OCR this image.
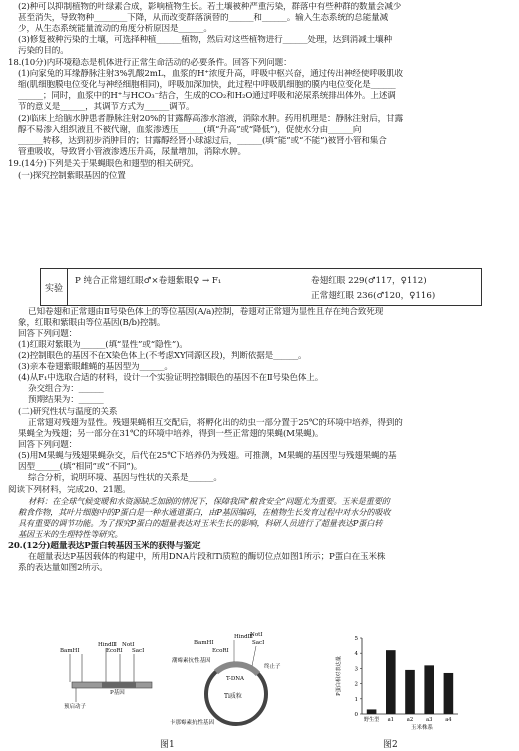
(2)种可以抑制植物的叶绿素合成，影响植物生长。若土壤被种严重污染，群落中有些种群的数量会减少
甚至消失，导致物种________下降，从而改变群落演替的______和______。输入生态系统的总能量减
少，从生态系统能量流动的角度分析原因是______。
(3)修复被种污染的土壤，可选择种植______植物，然后对这些植物进行______处理，达到消减土壤种
污染的目的。
18.(10分)内环境稳态是机体进行正常生命活动的必要条件。回答下列问题：
(1)向家兔的耳缘静脉注射3%乳酸2mL，血浆的H⁺浓度升高，呼吸中枢兴奋，通过传出神经使呼吸肌收
缩(肌细胞膜电位变化与神经细胞相同)，呼吸加深加快，此过程中呼吸肌细胞的膜内电位变化是______
______；同时，血浆中的H⁺与HCO₃⁻结合，生成的CO₂和H₂O通过呼吸和泌尿系统排出体外。上述调
节的意义是______，其调节方式为______调节。
(2)临床上给脑水肿患者静脉注射20%的甘露醇高渗水溶液，消除水肿。药用机理是：静脉注射后，甘露
醇不易渗入组织液且不被代谢，血浆渗透压______(填“升高”或“降低”)，促使水分由______向
______转移，达到初步消肿目的；甘露醇经肾小球滤过后，______(填“能”或“不能”)被肾小管和集合
管重吸收，导致肾小管液渗透压升高，尿量增加，消除水肿。
19.(14分)下列是关于果蝇眼色和翅型的相关研究。
(一)探究控制紫眼基因的位置
已知卷翅和正常翅由Ⅱ号染色体上的等位基因(A/a)控制，卷翅对正常翅为显性且存在纯合致死现
象，红眼和紫眼由等位基因(B/b)控制。
回答下列问题：
(1)红眼对紫眼为______(填“显性”或“隐性”)。
(2)控制眼色的基因不在X染色体上(不考虑XY同源区段)，判断依据是______。
(3)亲本卷翅紫眼雌蝇的基因型为______。
(4)从F₁中选取合适的材料，设计一个实验证明控制眼色的基因不在Ⅱ号染色体上。
杂交组合为：______
预期结果为：______
(二)研究性状与温度的关系
正常翅对残翅为显性。残翅果蝇相互交配后，将孵化出的幼虫一部分置于25℃的环境中培养，得到的
果蝇全为残翅；另一部分在31℃的环境中培养，得到一些正常翅的果蝇(M果蝇)。
回答下列问题：
(5)用M果蝇与残翅果蝇杂交，后代在25℃下培养仍为残翅。可推测，M果蝇的基因型与残翅果蝇的基
因型______(填“相同”或“不同”)。
综合分析，说明环境、基因与性状的关系是______。
阅读下列材料，完成20、21题。
材料：在全球气候变暖和水资源缺乏加剧的情况下，保障我国“粮食安全”问题尤为重要。玉米是重要的
粮食作物，其叶片细胞中的P蛋白是一种水通道蛋白，由P基因编码，在植物生长发育过程中对水分的吸收
具有重要的调节功能。为了探究P蛋白的超量表达对玉米生长的影响，科研人员进行了超量表达P蛋白转
基因玉米的生理特性等研究。
20.(12分)超量表达P蛋白转基因玉米的获得与鉴定
在超量表达P基因载体的构建中，所用DNA片段和Ti质粒的酶切位点如图1所示；P蛋白在玉米株
系的表达量如图2所示。
实验
P 纯合正常翅红眼♂×卷翅紫眼♀ → F₁	卷翅红眼 229(♂117，♀112)
正常翅红眼 236(♂120，♀116)
BamHⅠ
HindⅢ
EcoRⅠ
NotⅠ
SacⅠ
P基因
预启动子
T-DNA
Ti质粒
HindⅢ
SacⅠ
EcoRⅠ
BamHⅠ
NotⅠ
潮霉素抗性基因
卡那霉素抗性基因
终止子
图1
0
1
2
3
4
5
野生型 a1 a2 a3 a4
P蛋白相对表达量
玉米株系
图2
